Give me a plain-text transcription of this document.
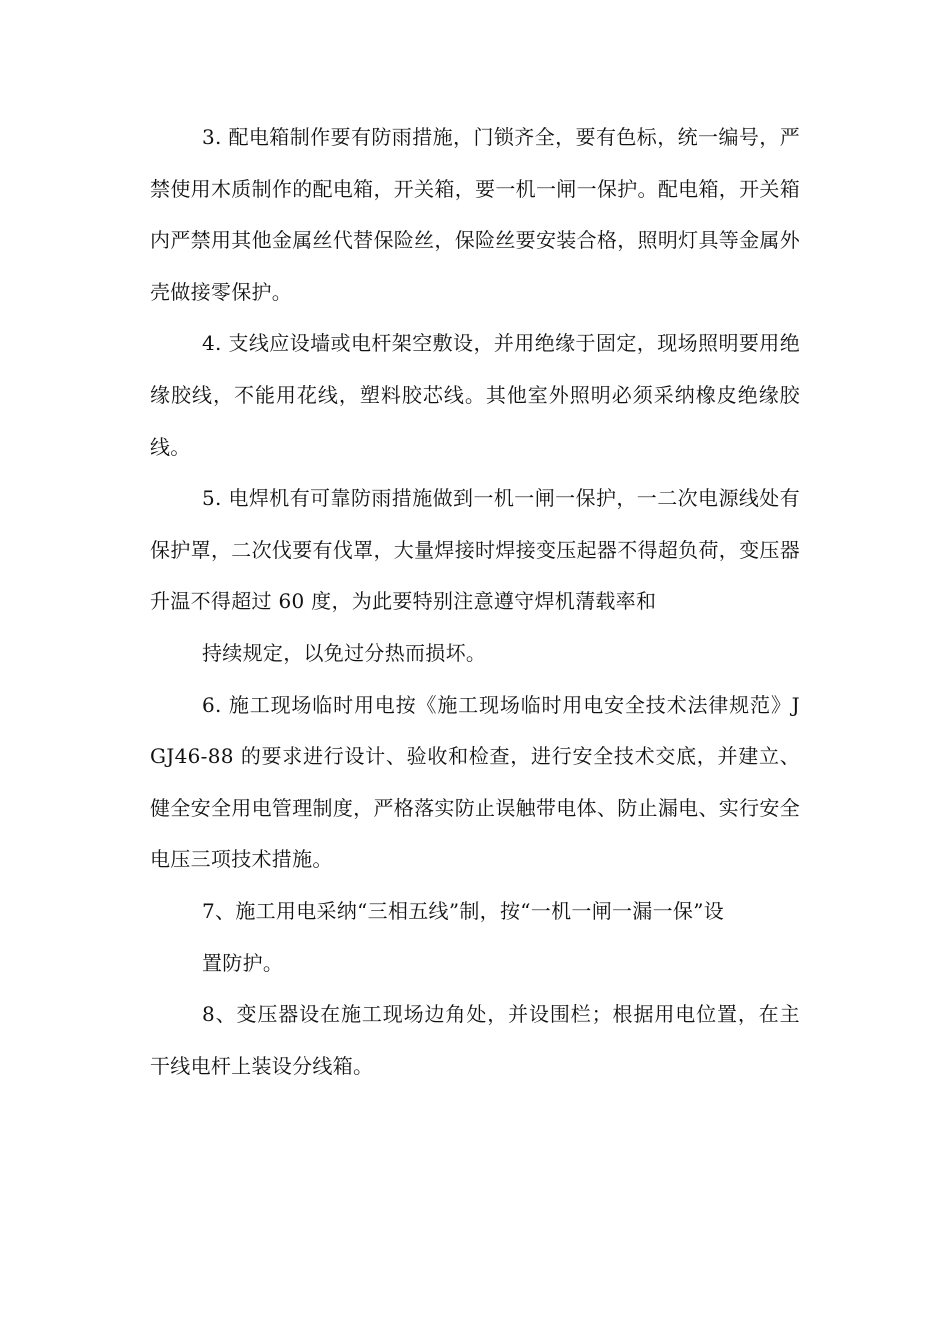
3. 配电箱制作要有防雨措施，门锁齐全，要有色标，统一编号，严禁使用木质制作的配电箱，开关箱，要一机一闸一保护。配电箱，开关箱内严禁用其他金属丝代替保险丝，保险丝要安装合格，照明灯具等金属外壳做接零保护。

4. 支线应设墙或电杆架空敷设，并用绝缘于固定，现场照明要用绝缘胶线，不能用花线，塑料胶芯线。其他室外照明必须采纳橡皮绝缘胶线。

5. 电焊机有可靠防雨措施做到一机一闸一保护，一二次电源线处有保护罩，二次伐要有伐罩，大量焊接时焊接变压起器不得超负荷，变压器升温不得超过 60 度，为此要特别注意遵守焊机蔳载率和

持续规定，以免过分热而损坏。

6. 施工现场临时用电按《施工现场临时用电安全技术法律规范》JGJ46-88 的要求进行设计、验收和检查，进行安全技术交底，并建立、健全安全用电管理制度，严格落实防止误触带电体、防止漏电、实行安全电压三项技术措施。

7、施工用电采纳“三相五线”制，按“一机一闸一漏一保”设

置防护。

8、变压器设在施工现场边角处，并设围栏；根据用电位置，在主干线电杆上装设分线箱。
